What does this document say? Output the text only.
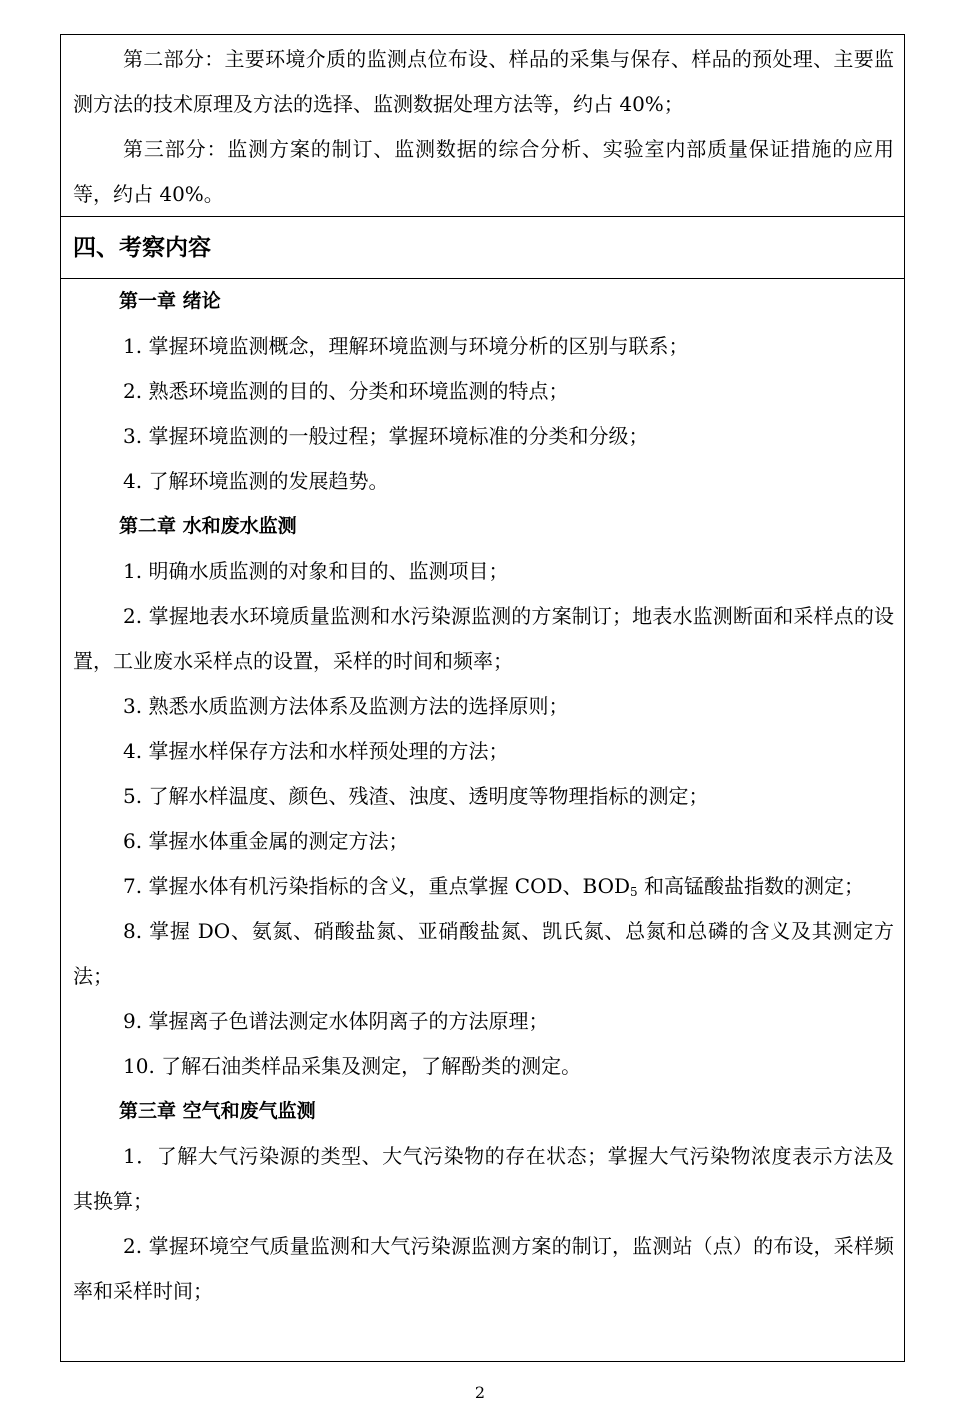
第二部分：主要环境介质的监测点位布设、样品的采集与保存、样品的预处理、主要监测方法的技术原理及方法的选择、监测数据处理方法等，约占 40%；

第三部分：监测方案的制订、监测数据的综合分析、实验室内部质量保证措施的应用等，约占 40%。

四、考察内容

第一章 绪论

1. 掌握环境监测概念，理解环境监测与环境分析的区别与联系；

2. 熟悉环境监测的目的、分类和环境监测的特点；

3. 掌握环境监测的一般过程；掌握环境标准的分类和分级；

4. 了解环境监测的发展趋势。

第二章 水和废水监测

1. 明确水质监测的对象和目的、监测项目；

2. 掌握地表水环境质量监测和水污染源监测的方案制订；地表水监测断面和采样点的设置，工业废水采样点的设置，采样的时间和频率；

3. 熟悉水质监测方法体系及监测方法的选择原则；

4. 掌握水样保存方法和水样预处理的方法；

5. 了解水样温度、颜色、残渣、浊度、透明度等物理指标的测定；

6. 掌握水体重金属的测定方法；

7. 掌握水体有机污染指标的含义，重点掌握 COD、$BOD_5$ 和高锰酸盐指数的测定；

8. 掌握 DO、氨氮、硝酸盐氮、亚硝酸盐氮、凯氏氮、总氮和总磷的含义及其测定方法；

9. 掌握离子色谱法测定水体阴离子的方法原理；

10. 了解石油类样品采集及测定，了解酚类的测定。

第三章 空气和废气监测

1．了解大气污染源的类型、大气污染物的存在状态；掌握大气污染物浓度表示方法及其换算；

2. 掌握环境空气质量监测和大气污染源监测方案的制订，监测站（点）的布设，采样频率和采样时间；

2
